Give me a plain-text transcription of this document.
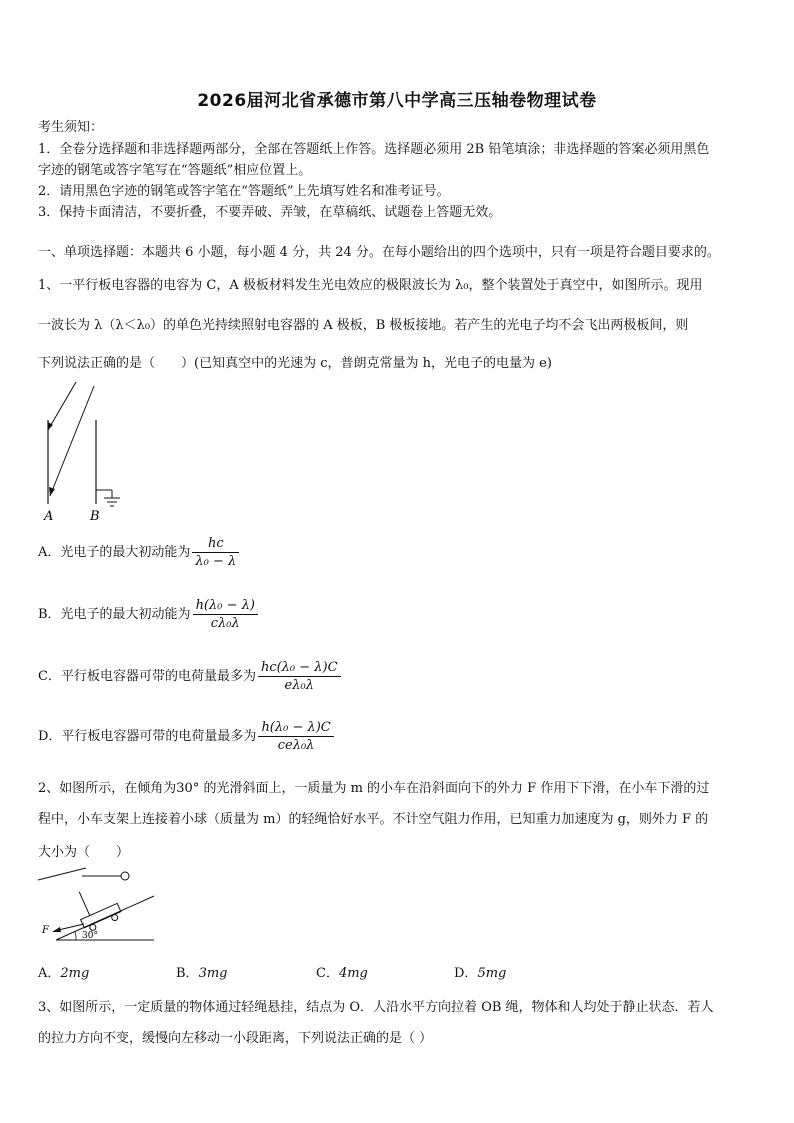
2026届河北省承德市第八中学高三压轴卷物理试卷
考生须知：
1．全卷分选择题和非选择题两部分，全部在答题纸上作答。选择题必须用 2B 铅笔填涂；非选择题的答案必须用黑色
字迹的钢笔或答字笔写在“答题纸”相应位置上。
2．请用黑色字迹的钢笔或答字笔在“答题纸”上先填写姓名和准考证号。
3．保持卡面清洁，不要折叠，不要弄破、弄皱，在草稿纸、试题卷上答题无效。
一、单项选择题：本题共 6 小题，每小题 4 分，共 24 分。在每小题给出的四个选项中，只有一项是符合题目要求的。
1、一平行板电容器的电容为 C，A 极板材料发生光电效应的极限波长为 λ₀，整个装置处于真空中，如图所示。现用
一波长为 λ（λ＜λ₀）的单色光持续照射电容器的 A 极板，B 极板接地。若产生的光电子均不会飞出两极板间，则
下列说法正确的是（　　）(已知真空中的光速为 c，普朗克常量为 h，光电子的电量为 e)
A	B
A．光电子的最大初动能为 $\frac{hc}{\text{λ₀ − λ}}$
B．光电子的最大初动能为 $\frac{\text{h(λ₀ − λ)}}{\text{cλ₀λ}}$
C．平行板电容器可带的电荷量最多为 $\frac{\text{hc(λ₀ − λ)C}}{\text{eλ₀λ}}$
D．平行板电容器可带的电荷量最多为 $\frac{\text{h(λ₀ − λ)C}}{\text{ceλ₀λ}}$
2、如图所示，在倾角为30° 的光滑斜面上，一质量为 m 的小车在沿斜面向下的外力 F 作用下下滑，在小车下滑的过
程中，小车支架上连接着小球（质量为 m）的轻绳恰好水平。不计空气阻力作用，已知重力加速度为 g，则外力 F 的
大小为（　　）
F	30°
A．2mg	B．3mg	C．4mg	D．5mg
3、如图所示，一定质量的物体通过轻绳悬挂，结点为 O．人沿水平方向拉着 OB 绳，物体和人均处于静止状态．若人
的拉力方向不变，缓慢向左移动一小段距离，下列说法正确的是（ ）
